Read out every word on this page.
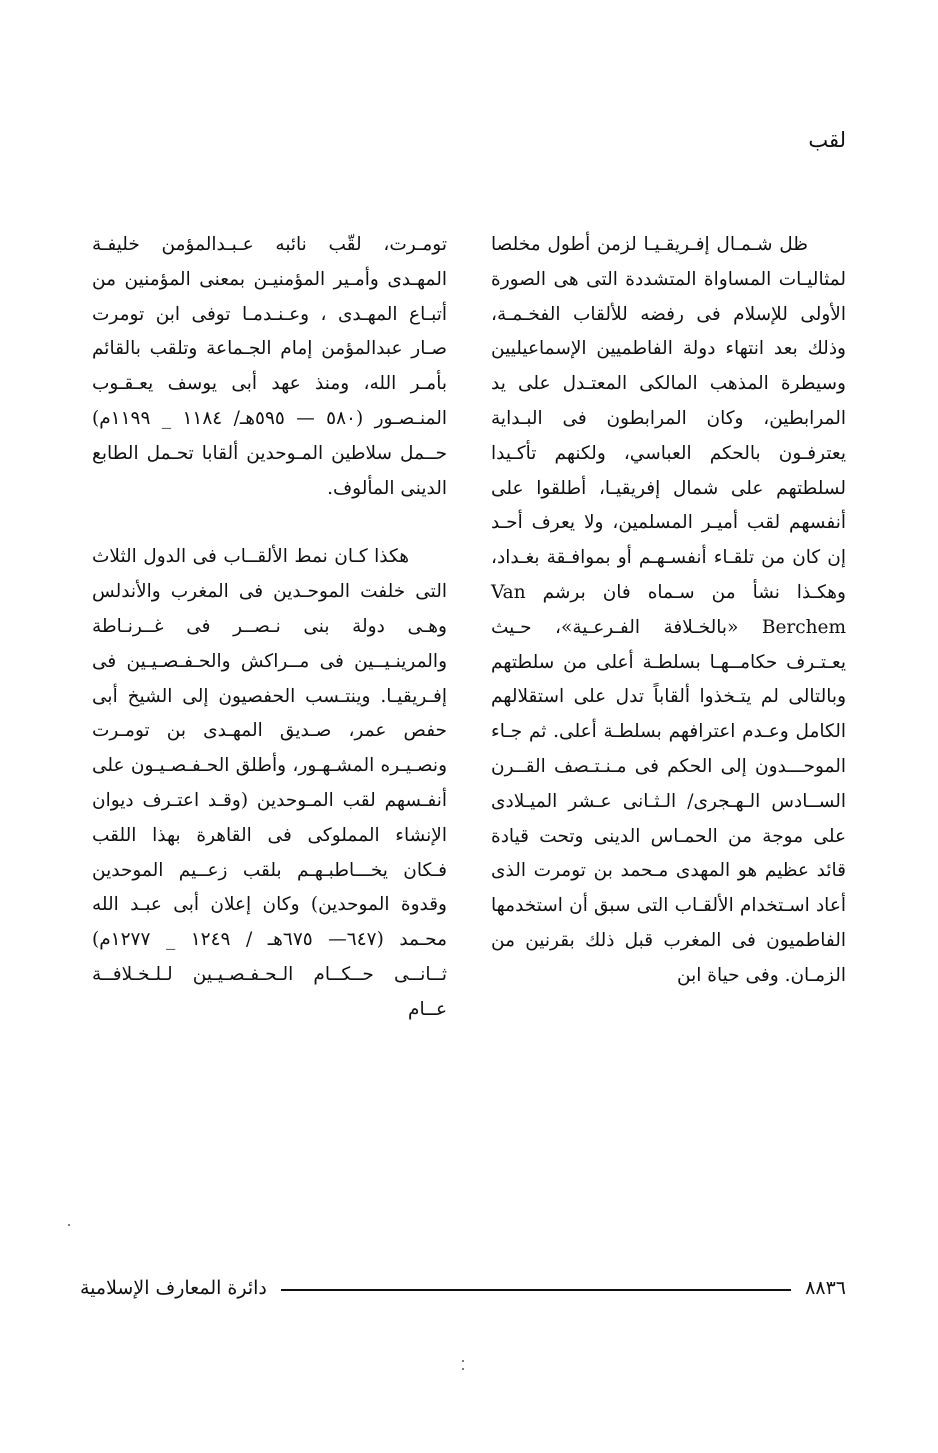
لقب

ظل شـمـال إفـريقـيـا لزمن أطول مخلصا لمثاليـات المساواة المتشددة التى هى الصورة الأولى للإسلام فى رفضه للألقاب الفخـمـة، وذلك بعد انتهاء دولة الفاطميين الإسماعيليين وسيطرة المذهب المالكى المعتـدل على يد المرابطين، وكان المرابطون فى البـداية يعترفـون بالحكم العباسي، ولكنهم تأكـيدا لسلطتهم على شمال إفريقيـا، أطلقوا على أنفسهم لقب أميـر المسلمين، ولا يعرف أحـد إن كان من تلقـاء أنفسـهـم أو بموافـقة بغـداد، وهكـذا نشأ من سـماه فان برشم Van Berchem «بالخـلافة الفـرعـية»، حـيث يعـتـرف حكامــهـا بسلطـة أعلى من سلطتهم وبالتالى لم يتـخذوا ألقاباً تدل على استقلالهم الكامل وعـدم اعترافهم بسلطـة أعلى. ثم جـاء الموحـــدون إلى الحكم فى مـنـتـصف القــرن الســادس الـهـجرى/ الـثـانى عـشر الميـلادى على موجة من الحمـاس الدينى وتحت قيادة قائد عظيم هو المهدى مـحمد بن تومرت الذى أعاد اسـتخدام الألقـاب التى سبق أن استخدمها الفاطميون فى المغرب قبل ذلك بقرنين من الزمـان. وفى حياة ابن

تومـرت، لقّب نائبه عـبـدالمؤمن خليفـة المهـدى وأمـير المؤمنيـن بمعنى المؤمنين من أتبـاع المهـدى ، وعـنـدمـا توفى ابن تومرت صـار عبدالمؤمن إمام الجـماعة وتلقب بالقائم بأمـر الله، ومنذ عهد أبى يوسف يعـقـوب المنـصـور (٥٨٠ — ٥٩٥هـ/ ١١٨٤ _ ١١٩٩م) حــمل سلاطين المـوحدين ألقابا تحـمل الطابع الدينى المألوف.

هكذا كـان نمط الألقــاب فى الدول الثلاث التى خلفت الموحـدين فى المغرب والأندلس وهـى دولة بنى نـصــر فى غــرنـاطة والمرينـيــين فى مــراكش والحـفـصـيـين فى إفـريقيـا. وينتـسب الحفصيون إلى الشيخ أبى حفص عمر، صـديق المهـدى بن تومـرت ونصـيـره المشـهـور، وأطلق الحـفـصـيـون على أنفـسهم لقب المـوحدين (وقـد اعتـرف ديوان الإنشاء المملوكى فى القاهرة بهذا اللقب فـكان يخـــاطبـهـم بلقب زعــيم الموحدين وقدوة الموحدين) وكان إعلان أبى عبـد الله محـمد (٦٤٧— ٦٧٥هـ / ١٢٤٩ _ ١٢٧٧م) ثــانــى حــكــام الـحـفـصـيـين لـلـخـلافــة عــام

٨٨٣٦
دائرة المعارف الإسلامية
